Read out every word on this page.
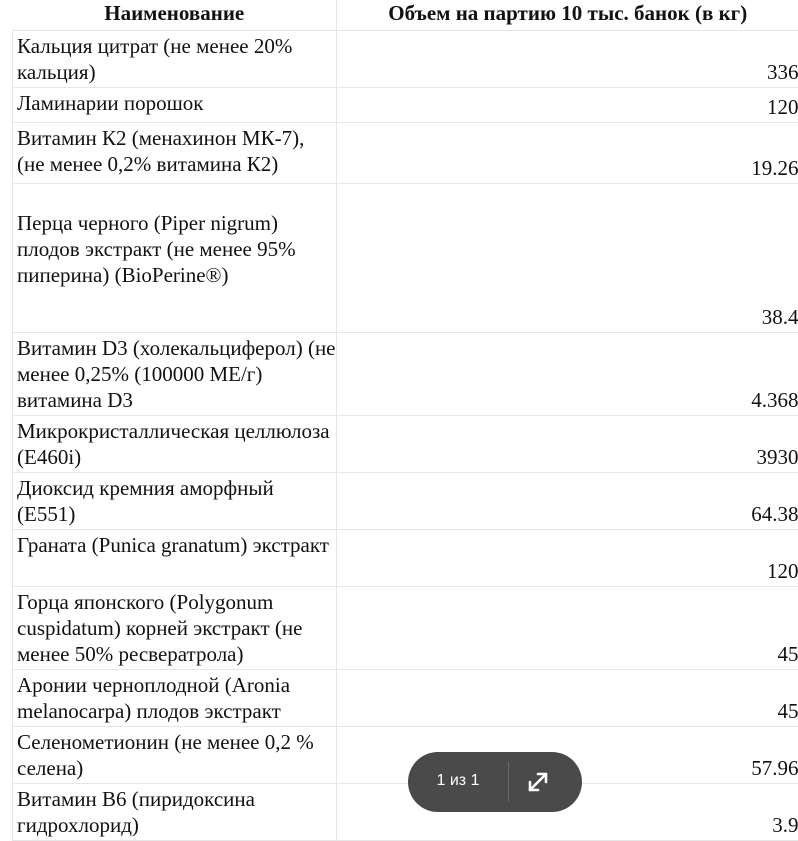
Наименование	Объем на партию 10 тыс. банок (в кг)
Кальция цитрат (не менее 20% кальция)	336
Ламинарии порошок	120
Витамин К2 (менахинон МК-7), (не менее 0,2% витамина К2)	19.26
Перца черного (Piper nigrum) плодов экстракт (не менее 95% пиперина) (BioPerine®)	38.4
Витамин D3 (холекальциферол) (не менее 0,25% (100000 МЕ/г) витамина D3	4.368
Микрокристаллическая целлюлоза (E460i)	3930
Диоксид кремния аморфный (E551)	64.38
Граната (Punica granatum) экстракт	120
Горца японского (Polygonum cuspidatum) корней экстракт (не менее 50% ресвератрола)	45
Аронии черноплодной (Aronia melanocarpa) плодов экстракт	45
Селенометионин (не менее 0,2 % селена)	57.96
Витамин В6 (пиридоксина гидрохлорид)	3.9
1 из 1
